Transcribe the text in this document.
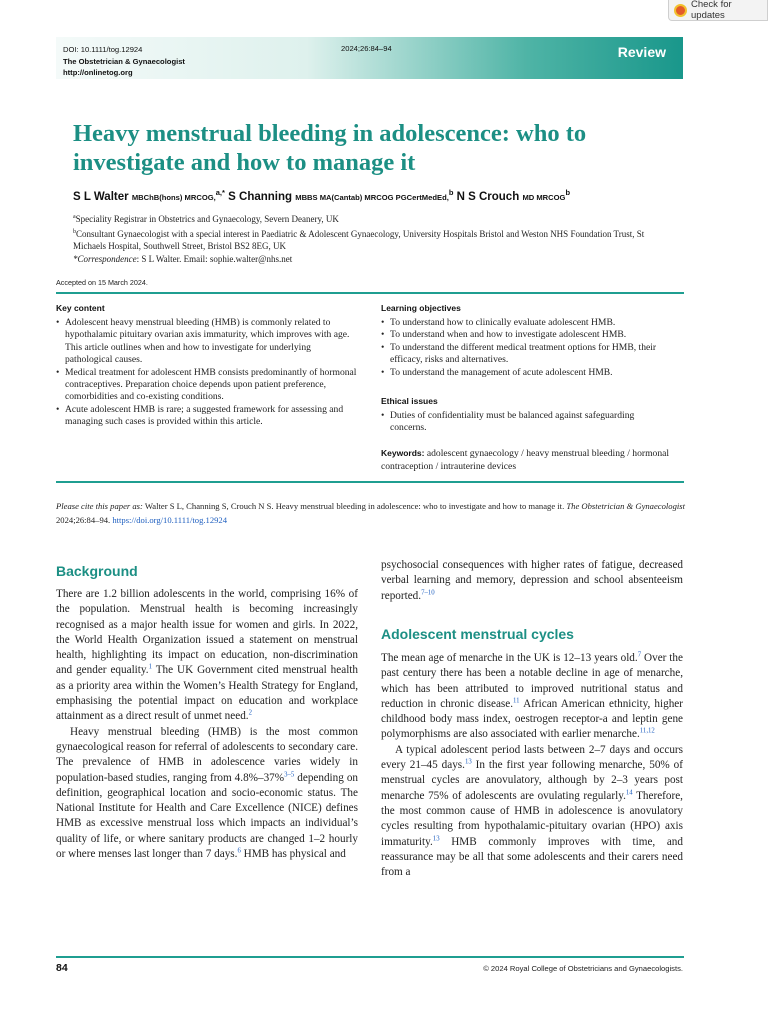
Check for updates
DOI: 10.1111/tog.12924
The Obstetrician & Gynaecologist
http://onlinetog.org
2024;26:84–94	Review
Heavy menstrual bleeding in adolescence: who to investigate and how to manage it
S L Walter MBChB(hons) MRCOG,$^{a,*}$ S Channing MBBS MA(Cantab) MRCOG PGCertMedEd,$^b$ N S Crouch MD MRCOG$^b$
$^a$Speciality Registrar in Obstetrics and Gynaecology, Severn Deanery, UK
$^b$Consultant Gynaecologist with a special interest in Paediatric & Adolescent Gynaecology, University Hospitals Bristol and Weston NHS Foundation Trust, St Michaels Hospital, Southwell Street, Bristol BS2 8EG, UK
*Correspondence: S L Walter. Email: sophie.walter@nhs.net
Accepted on 15 March 2024.
Key content
• Adolescent heavy menstrual bleeding (HMB) is commonly related to hypothalamic pituitary ovarian axis immaturity, which improves with age. This article outlines when and how to investigate for underlying pathological causes.
• Medical treatment for adolescent HMB consists predominantly of hormonal contraceptives. Preparation choice depends upon patient preference, comorbidities and co-existing conditions.
• Acute adolescent HMB is rare; a suggested framework for assessing and managing such cases is provided within this article.
Learning objectives
• To understand how to clinically evaluate adolescent HMB.
• To understand when and how to investigate adolescent HMB.
• To understand the different medical treatment options for HMB, their efficacy, risks and alternatives.
• To understand the management of acute adolescent HMB.
Ethical issues
• Duties of confidentiality must be balanced against safeguarding concerns.
Keywords: adolescent gynaecology / heavy menstrual bleeding / hormonal contraception / intrauterine devices
Please cite this paper as: Walter S L, Channing S, Crouch N S. Heavy menstrual bleeding in adolescence: who to investigate and how to manage it. The Obstetrician & Gynaecologist 2024;26:84–94. https://doi.org/10.1111/tog.12924
Background

There are 1.2 billion adolescents in the world, comprising 16% of the population. Menstrual health is becoming increasingly recognised as a major health issue for women and girls. In 2022, the World Health Organization issued a statement on menstrual health, highlighting its impact on education, non-discrimination and gender equality.$^1$ The UK Government cited menstrual health as a priority area within the Women’s Health Strategy for England, emphasising the potential impact on education and workplace attainment as a direct result of unmet need.$^2$

Heavy menstrual bleeding (HMB) is the most common gynaecological reason for referral of adolescents to secondary care. The prevalence of HMB in adolescence varies widely in population-based studies, ranging from 4.8%–37%$^{3-5}$ depending on definition, geographical location and socio-economic status. The National Institute for Health and Care Excellence (NICE) defines HMB as excessive menstrual loss which impacts an individual’s quality of life, or where sanitary products are changed 1–2 hourly or where menses last longer than 7 days.$^6$ HMB has physical and

psychosocial consequences with higher rates of fatigue, decreased verbal learning and memory, depression and school absenteeism reported.$^{7-10}$

Adolescent menstrual cycles

The mean age of menarche in the UK is 12–13 years old.$^7$ Over the past century there has been a notable decline in age of menarche, which has been attributed to improved nutritional status and reduction in chronic disease.$^{11}$ African American ethnicity, higher childhood body mass index, oestrogen receptor-a and leptin gene polymorphisms are also associated with earlier menarche.$^{11,12}$

A typical adolescent period lasts between 2–7 days and occurs every 21–45 days.$^{13}$ In the first year following menarche, 50% of menstrual cycles are anovulatory, although by 2–3 years post menarche 75% of adolescents are ovulating regularly.$^{14}$ Therefore, the most common cause of HMB in adolescence is anovulatory cycles resulting from hypothalamic-pituitary ovarian (HPO) axis immaturity.$^{13}$ HMB commonly improves with time, and reassurance may be all that some adolescents and their carers need from a

84	© 2024 Royal College of Obstetricians and Gynaecologists.
